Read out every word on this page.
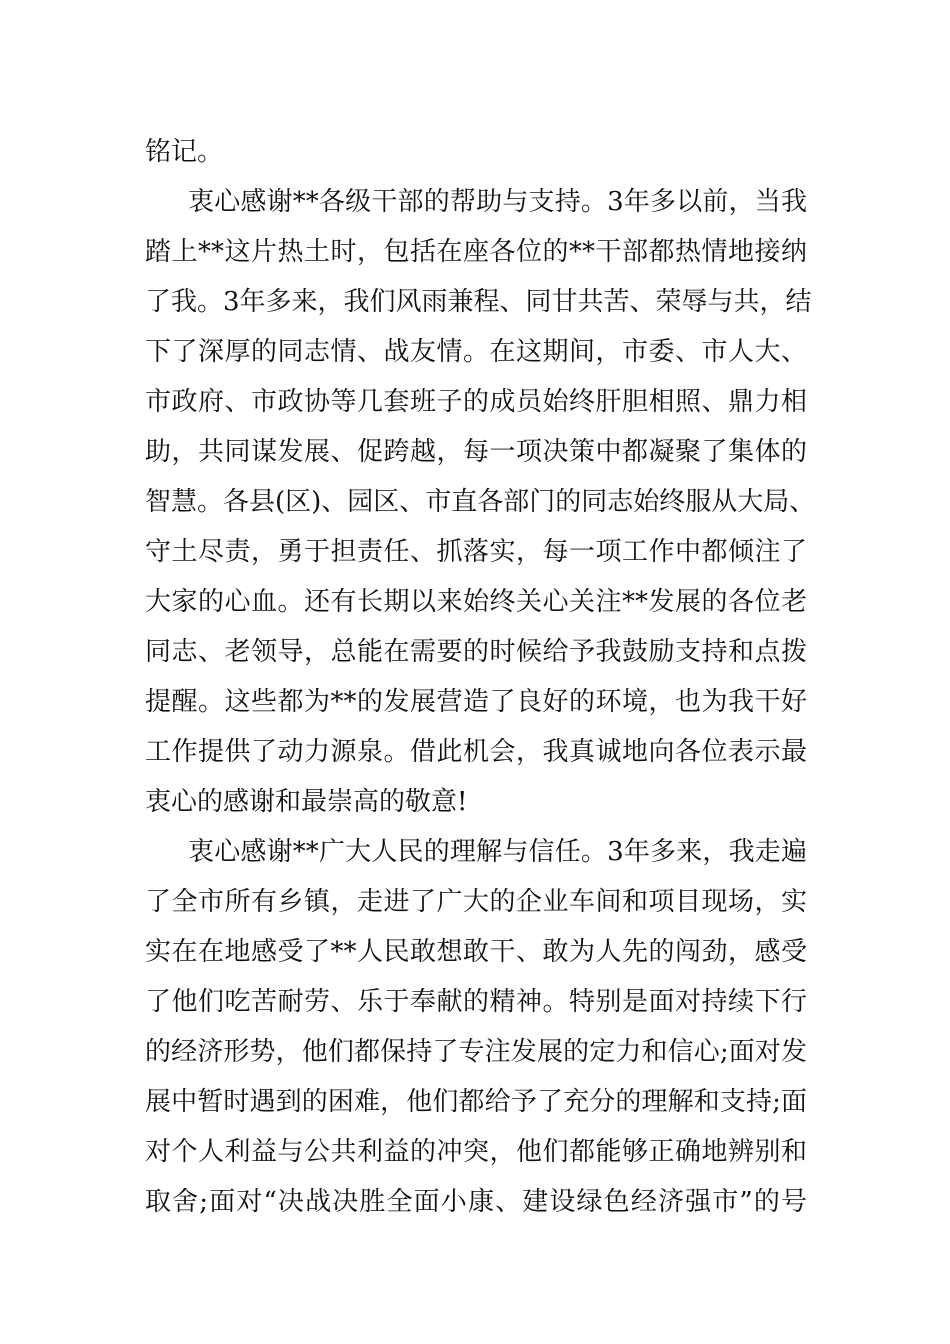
铭记。
衷心感谢**各级干部的帮助与支持。3年多以前，当我
踏上**这片热土时，包括在座各位的**干部都热情地接纳
了我。3年多来，我们风雨兼程、同甘共苦、荣辱与共，结
下了深厚的同志情、战友情。在这期间，市委、市人大、
市政府、市政协等几套班子的成员始终肝胆相照、鼎力相
助，共同谋发展、促跨越，每一项决策中都凝聚了集体的
智慧。各县(区)、园区、市直各部门的同志始终服从大局、
守土尽责，勇于担责任、抓落实，每一项工作中都倾注了
大家的心血。还有长期以来始终关心关注**发展的各位老
同志、老领导，总能在需要的时候给予我鼓励支持和点拨
提醒。这些都为**的发展营造了良好的环境，也为我干好
工作提供了动力源泉。借此机会，我真诚地向各位表示最
衷心的感谢和最崇高的敬意!
衷心感谢**广大人民的理解与信任。3年多来，我走遍
了全市所有乡镇，走进了广大的企业车间和项目现场，实
实在在地感受了**人民敢想敢干、敢为人先的闯劲，感受
了他们吃苦耐劳、乐于奉献的精神。特别是面对持续下行
的经济形势，他们都保持了专注发展的定力和信心;面对发
展中暂时遇到的困难，他们都给予了充分的理解和支持;面
对个人利益与公共利益的冲突，他们都能够正确地辨别和
取舍;面对“决战决胜全面小康、建设绿色经济强市”的号
